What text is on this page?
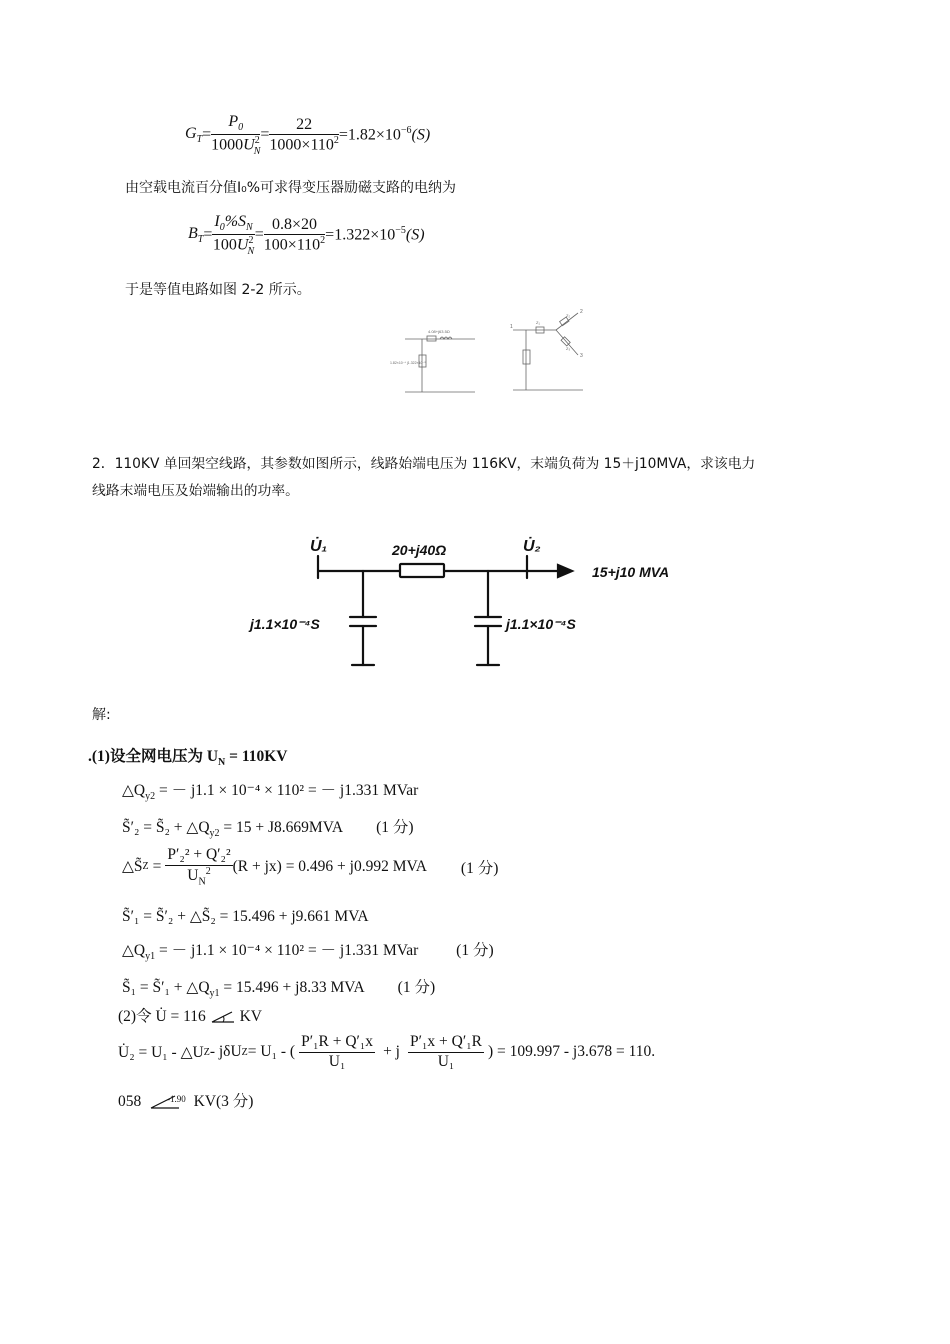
$G_T = \frac{P_0}{1000U^2_N} = \frac{22}{1000\times 110^2} =1.82\times 10^{-6}(S)$
由空载电流百分值I₀%可求得变压器励磁支路的电纳为
$B_T = \frac{I_0\%S_N}{100U^2_N} = \frac{0.8\times 20}{100\times 110^2} =1.322\times 10^{-5}(S)$
于是等值电路如图 2-2 所示。
4.08+j63.5Ω
1.82×10⁻⁶ j1.322×10⁻⁵
1
2
3
Z₁
Z₂
Z₃
2．110KV 单回架空线路，其参数如图所示，线路始端电压为 116KV，末端负荷为 15＋j10MVA，求该电力
线路末端电压及始端输出的功率。
U̇₁	20+j40Ω	U̇₂
15+j10 MVA
j1.1×10⁻⁴S	j1.1×10⁻⁴S
解:
.(1)设全网电压为 $U_N = 110KV$
$\triangle Q_{y2}$ = － j1.1 × 10⁻⁴ × 110² = － j1.331 MVar
S̃′₂ = S̃₂ + $\triangle Q_{y2} = 15 + J8.669MVA$ (1 分)
△S̃ $Z = \frac{\text{P′₂² + Q′₂²}}{U_N^2} (R + jx) = 0.496 + j0.992$ MVA (1 分)
S̃′₁ = S̃′₂ + △S̃₂ = 15.496 + j9.661 MVA
$\triangle Q_{y1}$ = － j1.1 × 10⁻⁴ × 110² = － j1.331 MVar (1 分)
S̃₁ = S̃′₁ + $\triangle Q_{y1} = 15.496 + j8.33$ MVA (1 分)
(2)令 U̇ = 116 KV
U̇₂ = U₁ - △U Z - jδU Z = U₁ - ( $\frac{\text{P′₁R + Q′₁x}}{\text{U₁}} + j \frac{\text{P′₁x + Q′₁R}}{\text{U₁}}$ ) = 109.997 - j3.678 = 110.
058	$^{-1.90}$ KV(3 分)
